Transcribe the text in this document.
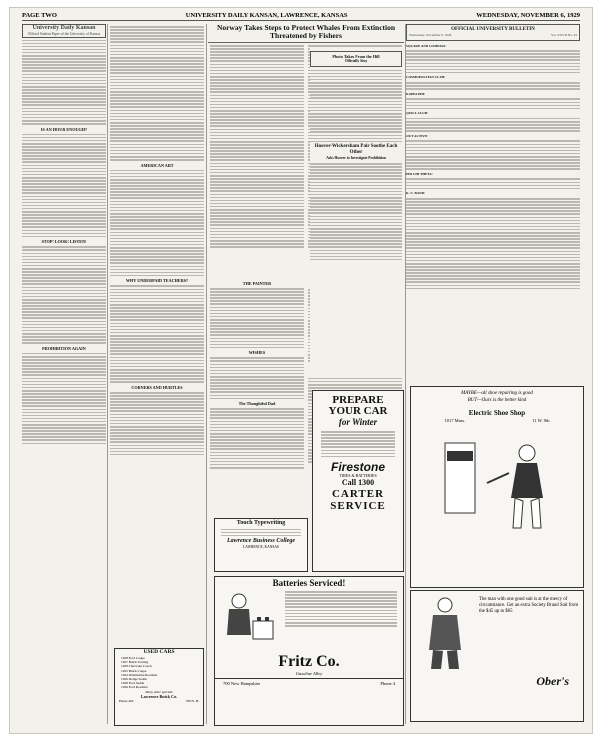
PAGE TWO	UNIVERSITY DAILY KANSAN, LAWRENCE, KANSAS	WEDNESDAY, NOVEMBER 6, 1929
University Daily Kansan
Official Student Paper of the University of Kansas
IS AN HOUR ENOUGH?
STOP! LOOK! LISTEN!
PROHIBITION AGAIN
AMERICAN ART
WHY UNDERPAID TEACHERS?
CORNERS AND HURTLES
Norway Takes Steps to Protect Whales From Extinction Threatened by Fishers
THE PAINTER
WISHES
The Thoughtful Dad
Photo Takes From the Hill
Officially Stuy
Hoover-Wickersham Pair Soothe Each Other
Asks Hoover to Investigate Prohibition
OFFICIAL UNIVERSITY BULLETIN
Wednesday, November 6, 1929	Vol. XXVII No. 43
SQUARE AND COMPASS:
COSMOPOLITAN CLUB:
KAPPA PHI:
QUILL CLUB:
OUT ACTIVE:
PHI CHI THETA:
K. U. BAND:
PREPARE
YOUR CAR
for Winter
Firestone
TIRES & BATTERIES
Call 1300
CARTER
SERVICE
Touch Typewriting
Lawrence Business College
LAWRENCE, KANSAS
MAYBE—all shoe repairing is good
BUT—Ours is the better kind
Electric Shoe Shop
1017 Mass.	11 W. 9th
The man with one good suit is at the mercy of circumstance. Get an extra Society Brand Suit from the $45 up to $65
Ober's
Batteries Serviced!
Fritz Co.
Gasoline Alley
700 New Hampshire	Phone 4
USED CARS
1928 Ford Coupe
1927 Buick Touring
1928 Chevrolet Coach
1925 Buick Coupe
1924 Oldsmobile Roadster
1926 Dodge Sedan
1928 Ford Sedan
1926 Ford Roadster
Many other specials
Lawrence Buick Co.
Phone 492	700 N. H.
